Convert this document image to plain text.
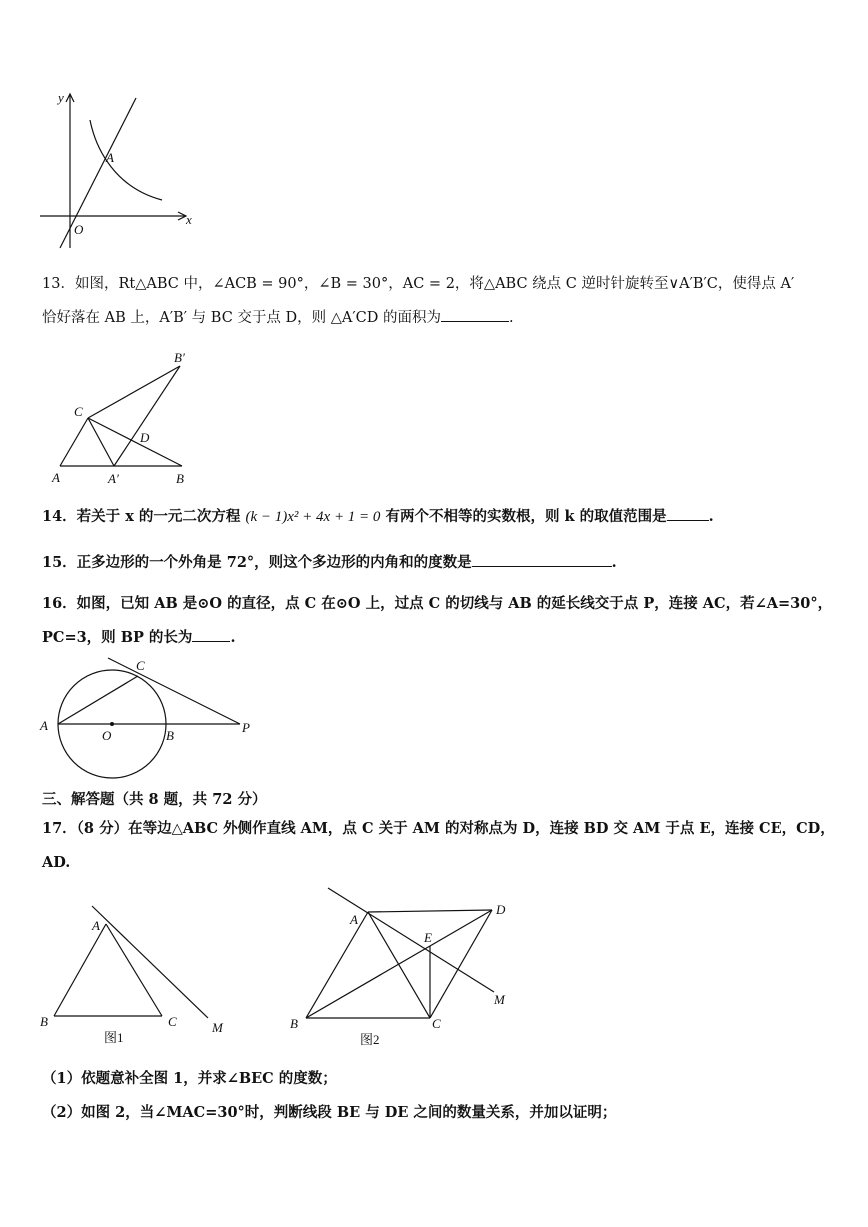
y
x
O
A
13．如图，Rt△ABC 中，∠ACB = 90°，∠B = 30°，AC = 2，将△ABC 绕点 C 逆时针旋转至∨A′B′C，使得点 A′
恰好落在 AB 上，A′B′ 与 BC 交于点 D，则 △A′CD 的面积为	.
B′
C
D
A	A′	B
14．若关于 x 的一元二次方程 (k − 1)x² + 4x + 1 = 0 有两个不相等的实数根，则 k 的取值范围是	.
15．正多边形的一个外角是 72°，则这个多边形的内角和的度数是	.
16．如图，已知 AB 是⊙O 的直径，点 C 在⊙O 上，过点 C 的切线与 AB 的延长线交于点 P，连接 AC，若∠A=30°，
PC=3，则 BP 的长为	.
C
A
O	B
P
三、解答题（共 8 题，共 72 分）
17．（8 分）在等边△ABC 外侧作直线 AM，点 C 关于 AM 的对称点为 D，连接 BD 交 AM 于点 E，连接 CE，CD，
AD.
A
B	C	M
图1
A
D
E
M
B	C
图2
（1）依题意补全图 1，并求∠BEC 的度数；
（2）如图 2，当∠MAC=30°时，判断线段 BE 与 DE 之间的数量关系，并加以证明；
